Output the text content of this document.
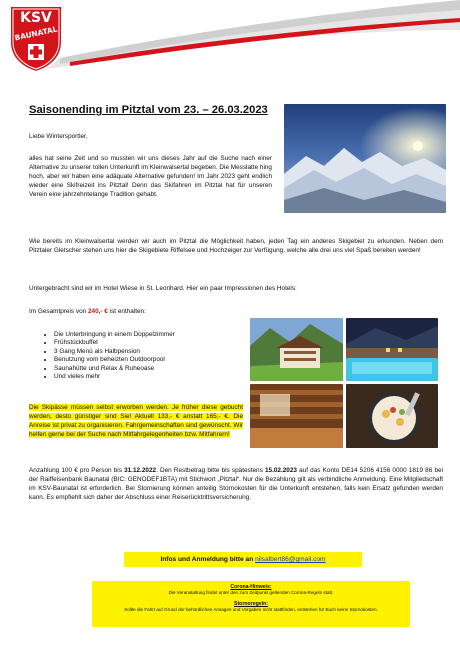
KSV
BAUNATAL
Saisonending im Pitztal vom 23. – 26.03.2023

Liebe Wintersportler,

alles hat seine Zeit und so mussten wir uns dieses Jahr auf die Suche nach einer Alternative zu unserer tollen Unterkunft im Kleinwalsertal begeben. Die Messlatte hing hoch, aber wir haben eine adäquate Alternative gefunden! Im Jahr 2023 geht endlich wieder eine Skifreizeit ins Pitztal! Denn das Skifahren im Pitztal hat für unseren Verein eine jahrzehntelange Tradition gehabt.

Wie bereits im Kleinwalsertal werden wir auch im Pitztal die Möglichkeit haben, jeden Tag ein anderes Skigebiet zu erkunden. Neben dem Pitztaler Gletscher stehen uns hier die Skigebiete Riffelsee und Hochzeiger zur Verfügung, welche alle drei uns viel Spaß bereiten werden!

Untergebracht sind wir im Hotel Wiese in St. Leonhard. Hier ein paar Impressionen des Hotels:

Im Gesamtpreis von 240,- € ist enthalten:

• Die Unterbringung in einem Doppelzimmer
• Frühstückbuffet
• 3 Gang Menü als Halbpension
• Benutzung vom beheizten Outdoorpool
• Saunahütte und Relax & Ruheoase
• Und vieles mehr

Die Skipässe müssen selbst erworben werden. Je früher diese gebucht werden, desto günstiger sind Sie! Aktuell 133,- € anstatt 165,- €. Die Anreise ist privat zu organisieren. Fahrgemeinschaften sind gewünscht. Wir helfen gerne bei der Suche nach Mitfahrgelegenheiten bzw. Mitfahrern!

Anzahlung 100 € pro Person bis 31.12.2022. Den Restbetrag bitte bis spätestens 15.02.2023 auf das Konto DE14 5206 4156 0000 1819 86 bei der Raiffeisenbank Baunatal (BIC: GENODEF1BTA) mit Stichwort „Pitztal“. Nur die Bezahlung gilt als verbindliche Anmeldung. Eine Mitgliedschaft im KSV-Baunatal ist erforderlich. Bei Stornierung können anteilig Stornokosten für die Unterkunft entstehen, falls kein Ersatz gefunden werden kann. Es empfiehlt sich daher der Abschluss einer Reiserücktrittsversicherung.

Infos und Anmeldung bitte an
nilsalbert86@gmail.com

Corona-Hinweis:

Die Veranstaltung findet unter den zum Zeitpunkt geltenden Corona-Regeln statt.

Stornoregeln:

Sollte die Fahrt auf Grund der behördlichen Ansagen und Vorgaben nicht stattfinden, entstehen für Euch keine Stornokosten.
